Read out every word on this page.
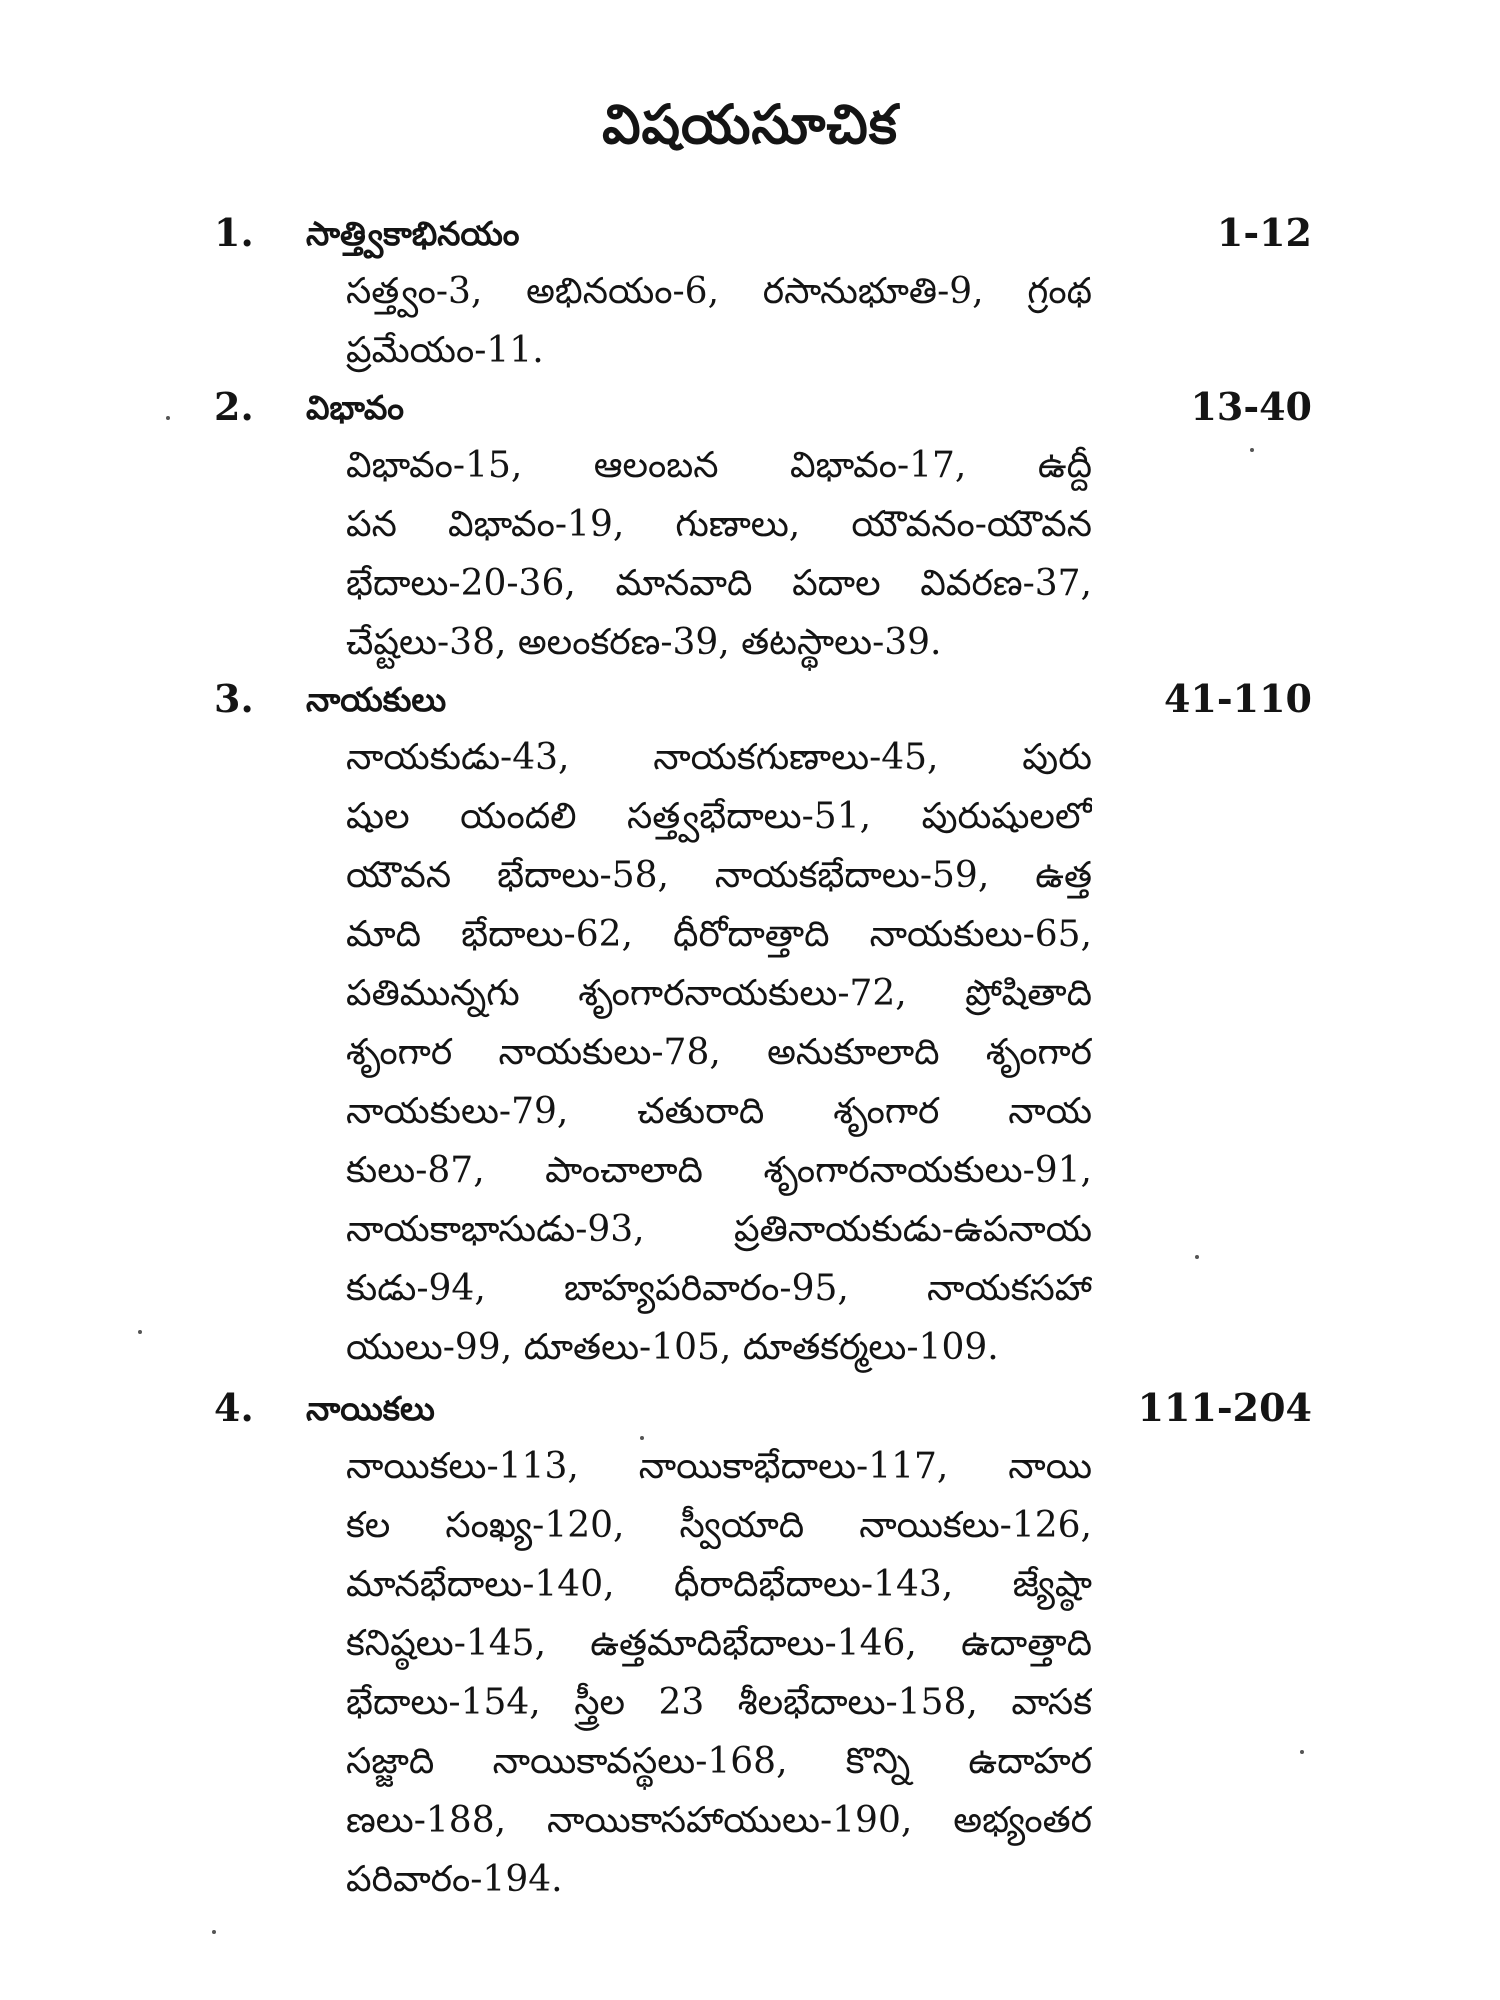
విషయసూచిక
1. సాత్త్వికాభినయం	1-12
సత్త్వం-3, అభినయం-6, రసానుభూతి-9, గ్రంథ
ప్రమేయం-11.
2. విభావం	13-40
విభావం-15, ఆలంబన విభావం-17, ఉద్దీ
పన విభావం-19, గుణాలు, యౌవనం-యౌవన
భేదాలు-20-36, మానవాది పదాల వివరణ-37,
చేష్టలు-38, అలంకరణ-39, తటస్థాలు-39.
3. నాయకులు	41-110
నాయకుడు-43, నాయకగుణాలు-45, పురు
షుల యందలి సత్త్వభేదాలు-51, పురుషులలో
యౌవన భేదాలు-58, నాయకభేదాలు-59, ఉత్త
మాది భేదాలు-62, ధీరోదాత్తాది నాయకులు-65,
పతిమున్నగు శృంగారనాయకులు-72, ప్రోషితాది
శృంగార నాయకులు-78, అనుకూలాది శృంగార
నాయకులు-79, చతురాది శృంగార నాయ
కులు-87, పాంచాలాది శృంగారనాయకులు-91,
నాయకాభాసుడు-93, ప్రతినాయకుడు-ఉపనాయ
కుడు-94, బాహ్యపరివారం-95, నాయకసహా
యులు-99, దూతలు-105, దూతకర్మలు-109.
4. నాయికలు	111-204
నాయికలు-113, నాయికాభేదాలు-117, నాయి
కల సంఖ్య-120, స్వీయాది నాయికలు-126,
మానభేదాలు-140, ధీరాదిభేదాలు-143, జ్యేష్ఠా
కనిష్ఠలు-145, ఉత్తమాదిభేదాలు-146, ఉదాత్తాది
భేదాలు-154, స్త్రీల 23 శీలభేదాలు-158, వాసక
సజ్జాది నాయికావస్థలు-168, కొన్ని ఉదాహర
ణలు-188, నాయికాసహాయులు-190, అభ్యంతర
పరివారం-194.
